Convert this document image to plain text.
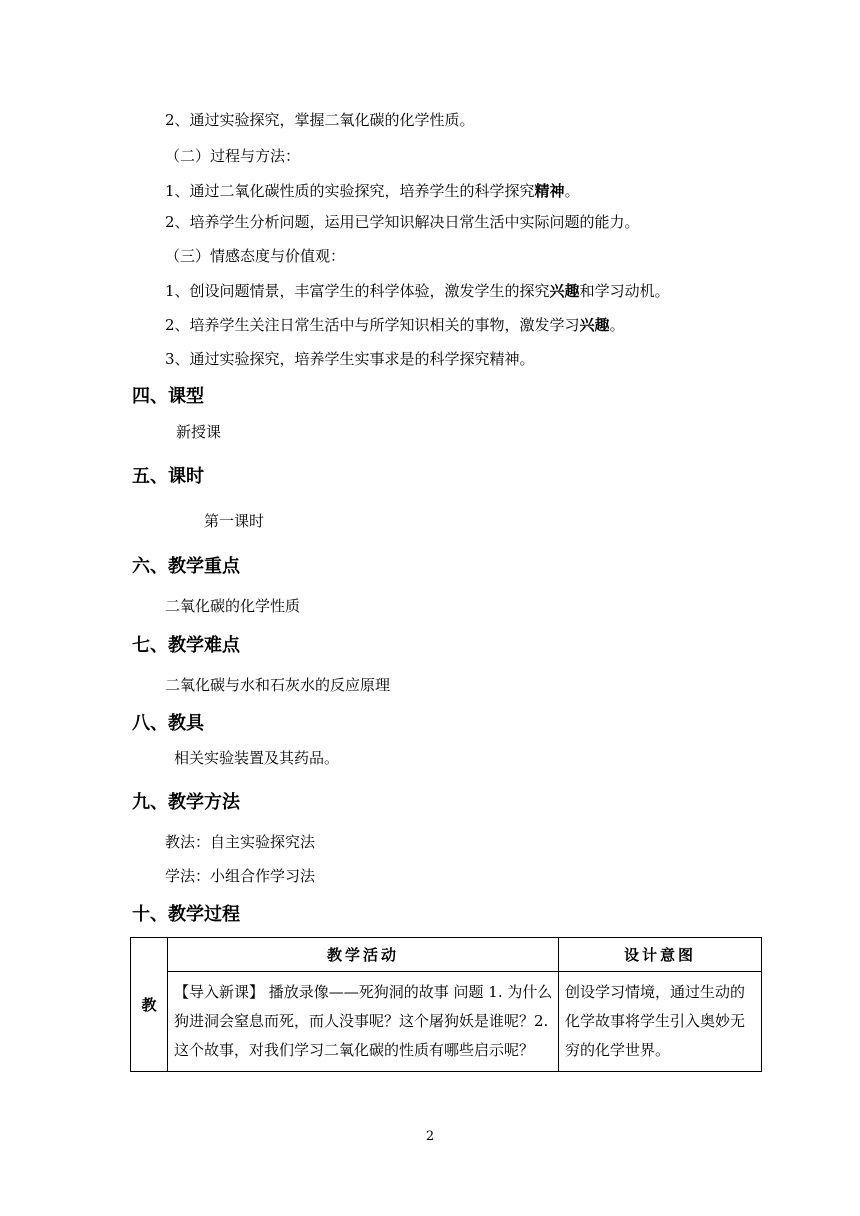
2、通过实验探究，掌握二氧化碳的化学性质。
（二）过程与方法：
1、通过二氧化碳性质的实验探究，培养学生的科学探究精神。
2、培养学生分析问题，运用已学知识解决日常生活中实际问题的能力。
（三）情感态度与价值观：
1、创设问题情景，丰富学生的科学体验，激发学生的探究兴趣和学习动机。
2、培养学生关注日常生活中与所学知识相关的事物，激发学习兴趣。
3、通过实验探究，培养学生实事求是的科学探究精神。
四、课型
新授课
五、课时
第一课时
六、教学重点
二氧化碳的化学性质
七、教学难点
二氧化碳与水和石灰水的反应原理
八、教具
相关实验装置及其药品。
九、教学方法
教法：自主实验探究法
学法：小组合作学习法
十、教学过程
教	教学活动	设计意图

	【导入新课】 播放录像——死狗洞的故事 问题 1. 为什么狗进洞会窒息而死，而人没事呢？这个屠狗妖是谁呢？2. 这个故事，对我们学习二氧化碳的性质有哪些启示呢？	创设学习情境，通过生动的化学故事将学生引入奥妙无穷的化学世界。
2
